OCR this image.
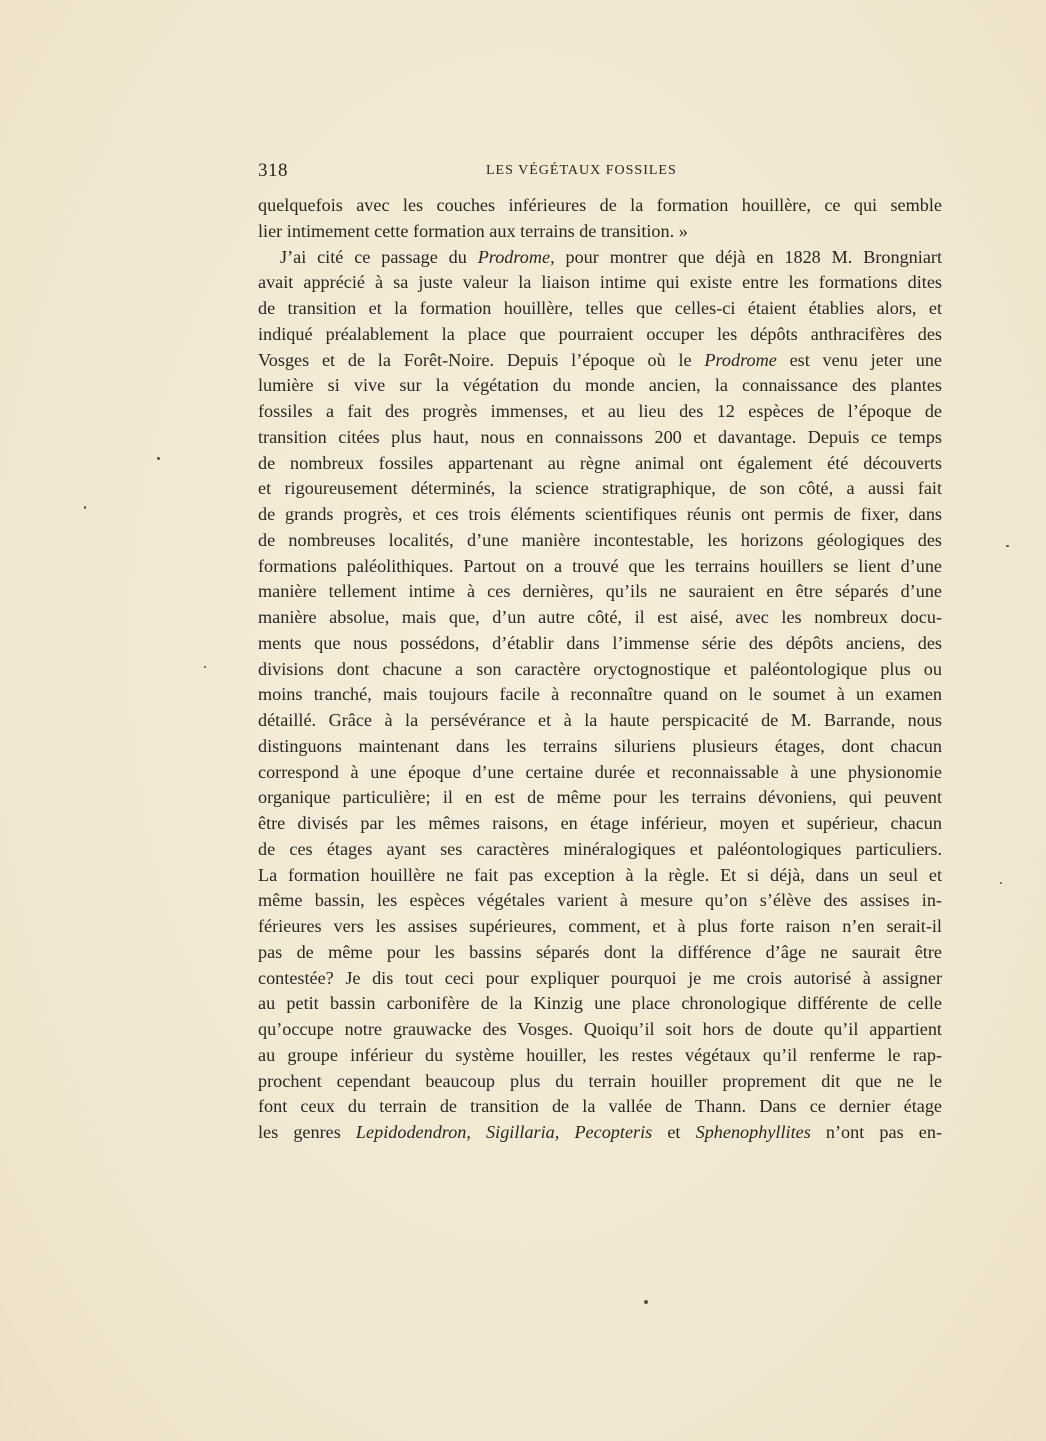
318	LES VÉGÉTAUX FOSSILES
quelquefois avec les couches inférieures de la formation houillère, ce qui semble
lier intimement cette formation aux terrains de transition. »
J’ai cité ce passage du Prodrome, pour montrer que déjà en 1828 M. Brongniart
avait apprécié à sa juste valeur la liaison intime qui existe entre les formations dites
de transition et la formation houillère, telles que celles-ci étaient établies alors, et
indiqué préalablement la place que pourraient occuper les dépôts anthracifères des
Vosges et de la Forêt-Noire. Depuis l’époque où le Prodrome est venu jeter une
lumière si vive sur la végétation du monde ancien, la connaissance des plantes
fossiles a fait des progrès immenses, et au lieu des 12 espèces de l’époque de
transition citées plus haut, nous en connaissons 200 et davantage. Depuis ce temps
de nombreux fossiles appartenant au règne animal ont également été découverts
et rigoureusement déterminés, la science stratigraphique, de son côté, a aussi fait
de grands progrès, et ces trois éléments scientifiques réunis ont permis de fixer, dans
de nombreuses localités, d’une manière incontestable, les horizons géologiques des
formations paléolithiques. Partout on a trouvé que les terrains houillers se lient d’une
manière tellement intime à ces dernières, qu’ils ne sauraient en être séparés d’une
manière absolue, mais que, d’un autre côté, il est aisé, avec les nombreux docu-
ments que nous possédons, d’établir dans l’immense série des dépôts anciens, des
divisions dont chacune a son caractère oryctognostique et paléontologique plus ou
moins tranché, mais toujours facile à reconnaître quand on le soumet à un examen
détaillé. Grâce à la persévérance et à la haute perspicacité de M. Barrande, nous
distinguons maintenant dans les terrains siluriens plusieurs étages, dont chacun
correspond à une époque d’une certaine durée et reconnaissable à une physionomie
organique particulière; il en est de même pour les terrains dévoniens, qui peuvent
être divisés par les mêmes raisons, en étage inférieur, moyen et supérieur, chacun
de ces étages ayant ses caractères minéralogiques et paléontologiques particuliers.
La formation houillère ne fait pas exception à la règle. Et si déjà, dans un seul et
même bassin, les espèces végétales varient à mesure qu’on s’élève des assises in-
férieures vers les assises supérieures, comment, et à plus forte raison n’en serait-il
pas de même pour les bassins séparés dont la différence d’âge ne saurait être
contestée? Je dis tout ceci pour expliquer pourquoi je me crois autorisé à assigner
au petit bassin carbonifère de la Kinzig une place chronologique différente de celle
qu’occupe notre grauwacke des Vosges. Quoiqu’il soit hors de doute qu’il appartient
au groupe inférieur du système houiller, les restes végétaux qu’il renferme le rap-
prochent cependant beaucoup plus du terrain houiller proprement dit que ne le
font ceux du terrain de transition de la vallée de Thann. Dans ce dernier étage
les genres Lepidodendron, Sigillaria, Pecopteris et Sphenophyllites n’ont pas en-
